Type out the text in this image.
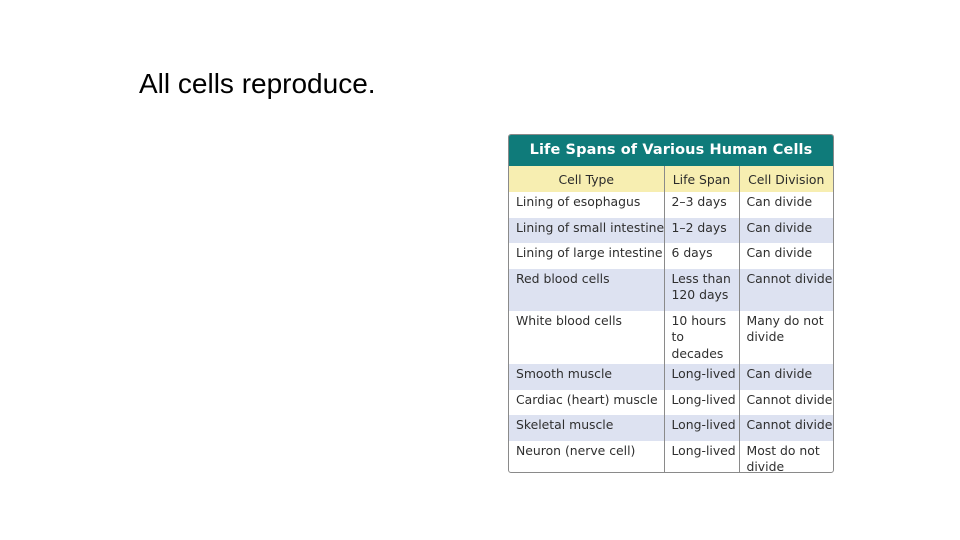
All cells reproduce.
Life Spans of Various Human Cells
Cell Type	Life Span	Cell Division
Lining of esophagus	2–3 days	Can divide
Lining of small intestine	1–2 days	Can divide
Lining of large intestine	6 days	Can divide
Red blood cells	Less than 120 days	Cannot divide
White blood cells	10 hours to decades	Many do not divide
Smooth muscle	Long-lived	Can divide
Cardiac (heart) muscle	Long-lived	Cannot divide
Skeletal muscle	Long-lived	Cannot divide
Neuron (nerve cell)	Long-lived	Most do not divide
